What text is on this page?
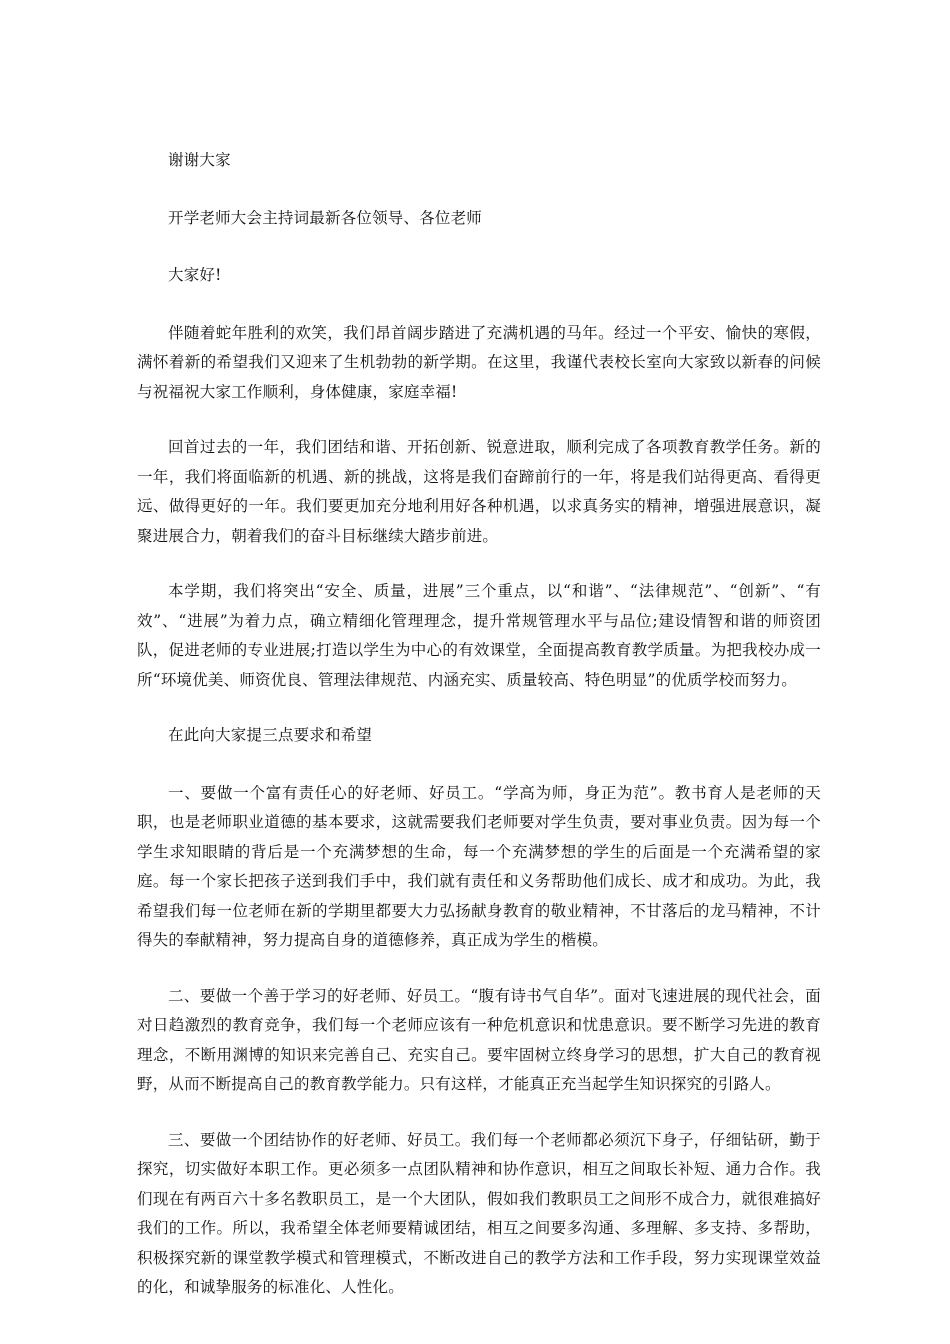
谢谢大家

开学老师大会主持词最新各位领导、各位老师

大家好!

伴随着蛇年胜利的欢笑，我们昂首阔步踏进了充满机遇的马年。经过一个平安、愉快的寒假，满怀着新的希望我们又迎来了生机勃勃的新学期。在这里，我谨代表校长室向大家致以新春的问候与祝福祝大家工作顺利，身体健康，家庭幸福!

回首过去的一年，我们团结和谐、开拓创新、锐意进取，顺利完成了各项教育教学任务。新的一年，我们将面临新的机遇、新的挑战，这将是我们奋蹄前行的一年，将是我们站得更高、看得更远、做得更好的一年。我们要更加充分地利用好各种机遇，以求真务实的精神，增强进展意识，凝聚进展合力，朝着我们的奋斗目标继续大踏步前进。

本学期，我们将突出“安全、质量，进展”三个重点，以“和谐”、“法律规范”、“创新”、“有效”、“进展”为着力点，确立精细化管理理念，提升常规管理水平与品位;建设情智和谐的师资团队，促进老师的专业进展;打造以学生为中心的有效课堂，全面提高教育教学质量。为把我校办成一所“环境优美、师资优良、管理法律规范、内涵充实、质量较高、特色明显”的优质学校而努力。

在此向大家提三点要求和希望

一、要做一个富有责任心的好老师、好员工。“学高为师，身正为范”。教书育人是老师的天职，也是老师职业道德的基本要求，这就需要我们老师要对学生负责，要对事业负责。因为每一个学生求知眼睛的背后是一个充满梦想的生命，每一个充满梦想的学生的后面是一个充满希望的家庭。每一个家长把孩子送到我们手中，我们就有责任和义务帮助他们成长、成才和成功。为此，我希望我们每一位老师在新的学期里都要大力弘扬献身教育的敬业精神，不甘落后的龙马精神，不计得失的奉献精神，努力提高自身的道德修养，真正成为学生的楷模。

二、要做一个善于学习的好老师、好员工。“腹有诗书气自华”。面对飞速进展的现代社会，面对日趋激烈的教育竞争，我们每一个老师应该有一种危机意识和忧患意识。要不断学习先进的教育理念，不断用渊博的知识来完善自己、充实自己。要牢固树立终身学习的思想，扩大自己的教育视野，从而不断提高自己的教育教学能力。只有这样，才能真正充当起学生知识探究的引路人。

三、要做一个团结协作的好老师、好员工。我们每一个老师都必须沉下身子，仔细钻研，勤于探究，切实做好本职工作。更必须多一点团队精神和协作意识，相互之间取长补短、通力合作。我们现在有两百六十多名教职员工，是一个大团队，假如我们教职员工之间形不成合力，就很难搞好我们的工作。所以，我希望全体老师要精诚团结，相互之间要多沟通、多理解、多支持、多帮助，积极探究新的课堂教学模式和管理模式，不断改进自己的教学方法和工作手段，努力实现课堂效益的化，和诚挚服务的标准化、人性化。
